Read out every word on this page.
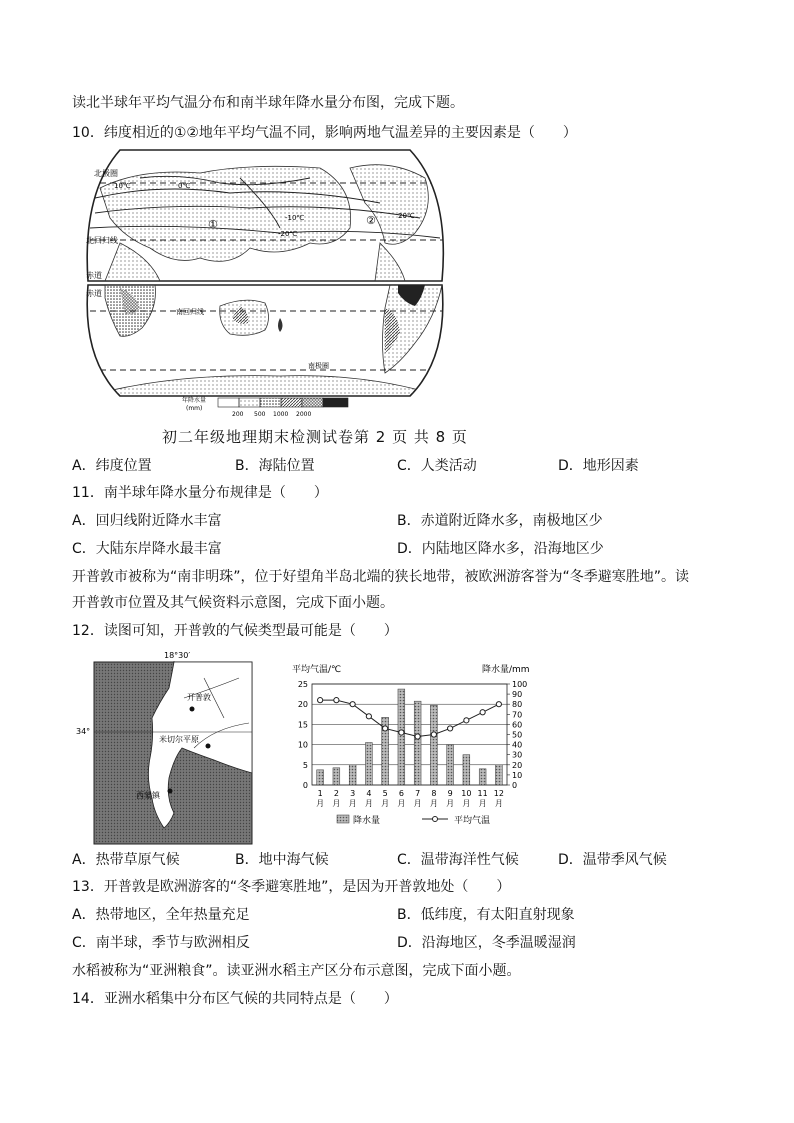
读北半球年平均气温分布和南半球年降水量分布图，完成下题。
10．纬度相近的①②地年平均气温不同，影响两地气温差异的主要因素是（　　）
北极圈
北回归线
赤道
10℃	0℃
-10℃
-20℃
20℃
①	②
赤道
南回归线
南极圈
年降水量
(mm)
200 500 1000 2000
初二年级地理期末检测试卷第 2 页 共 8 页
A．纬度位置	B．海陆位置	C．人类活动	D．地形因素
11．南半球年降水量分布规律是（　　）
A．回归线附近降水丰富	B．赤道附近降水多，南极地区少
C．大陆东岸降水最丰富	D．内陆地区降水多，沿海地区少
开普敦市被称为“南非明珠”，位于好望角半岛北端的狭长地带，被欧洲游客誉为“冬季避寒胜地”。读
开普敦市位置及其气候资料示意图，完成下面小题。
12．读图可知，开普敦的气候类型最可能是（　　）
18°30′
34°
开普敦
米切尔平原
西蒙镇
平均气温/℃	降水量/mm
0
5
10
15
20
25
0
10
20
30
40
50
60
70
80
90
100
1
月
2
月
3
月
4
月
5
月
6
月
7
月
8
月
9
月
10
月
11
月
12
月
降水量	平均气温
A．热带草原气候	B．地中海气候	C．温带海洋性气候	D．温带季风气候
13．开普敦是欧洲游客的“冬季避寒胜地”，是因为开普敦地处（　　）
A．热带地区，全年热量充足	B．低纬度，有太阳直射现象
C．南半球，季节与欧洲相反	D．沿海地区，冬季温暖湿润
水稻被称为“亚洲粮食”。读亚洲水稻主产区分布示意图，完成下面小题。
14．亚洲水稻集中分布区气候的共同特点是（　　）
